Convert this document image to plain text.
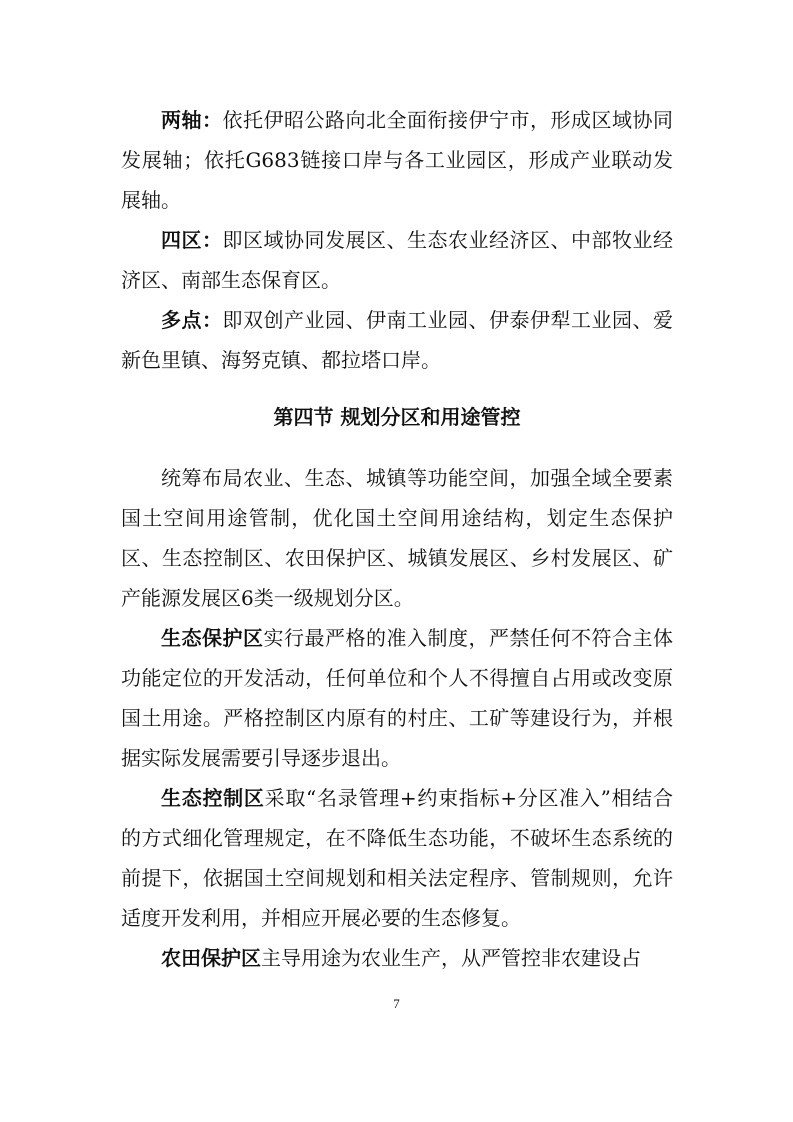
两轴：依托伊昭公路向北全面衔接伊宁市，形成区域协同发展轴；依托G683链接口岸与各工业园区，形成产业联动发展轴。

四区：即区域协同发展区、生态农业经济区、中部牧业经济区、南部生态保育区。

多点：即双创产业园、伊南工业园、伊泰伊犁工业园、爱新色里镇、海努克镇、都拉塔口岸。

第四节 规划分区和用途管控

统筹布局农业、生态、城镇等功能空间，加强全域全要素国土空间用途管制，优化国土空间用途结构，划定生态保护区、生态控制区、农田保护区、城镇发展区、乡村发展区、矿产能源发展区6类一级规划分区。

生态保护区实行最严格的准入制度，严禁任何不符合主体功能定位的开发活动，任何单位和个人不得擅自占用或改变原国土用途。严格控制区内原有的村庄、工矿等建设行为，并根据实际发展需要引导逐步退出。

生态控制区采取“名录管理+约束指标+分区准入”相结合的方式细化管理规定，在不降低生态功能，不破坏生态系统的前提下，依据国土空间规划和相关法定程序、管制规则，允许适度开发利用，并相应开展必要的生态修复。

农田保护区主导用途为农业生产，从严管控非农建设占

7
